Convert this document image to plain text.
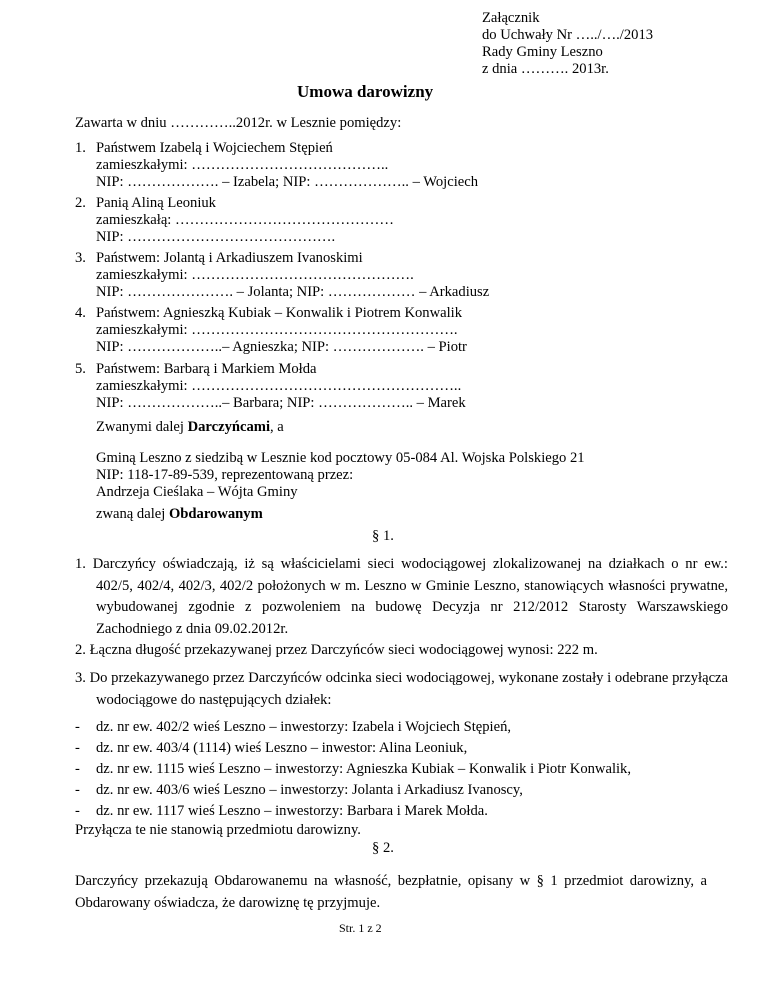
Załącznik
do Uchwały Nr …../…./2013
Rady Gminy Leszno
z dnia ………. 2013r.
Umowa darowizny
Zawarta w dniu …………..2012r. w Lesznie pomiędzy:
1. Państwem Izabelą i Wojciechem Stępień
zamieszkałymi: …………………………………..
NIP: ………………. – Izabela; NIP: ……………….. – Wojciech
2. Panią Aliną Leoniuk
zamieszkałą: ………………………………………
NIP: …………………………………….
3. Państwem: Jolantą i Arkadiuszem Ivanoskimi
zamieszkałymi: ……………………………………….
NIP: …………………. – Jolanta; NIP: ……………… – Arkadiusz
4. Państwem: Agnieszką Kubiak – Konwalik i Piotrem Konwalik
zamieszkałymi: ……………………………………………….
NIP: ………………..– Agnieszka; NIP: ………………. – Piotr
5. Państwem: Barbarą i Markiem Mołda
zamieszkałymi: ………………………………………………..
NIP: ………………..– Barbara; NIP: ……………….. – Marek
Zwanymi dalej Darczyńcami, a
Gminą Leszno z siedzibą w Lesznie kod pocztowy 05-084 Al. Wojska Polskiego 21
NIP: 118-17-89-539, reprezentowaną przez:
Andrzeja Cieślaka – Wójta Gminy
zwaną dalej Obdarowanym
§ 1.
1. Darczyńcy oświadczają, iż są właścicielami sieci wodociągowej zlokalizowanej na działkach o nr ew.: 402/5, 402/4, 402/3, 402/2 położonych w m. Leszno w Gminie Leszno, stanowiących własności prywatne, wybudowanej zgodnie z pozwoleniem na budowę Decyzja nr 212/2012 Starosty Warszawskiego Zachodniego z dnia 09.02.2012r.
2. Łączna długość przekazywanej przez Darczyńców sieci wodociągowej wynosi: 222 m.
3. Do przekazywanego przez Darczyńców odcinka sieci wodociągowej, wykonane zostały i odebrane przyłącza wodociągowe do następujących działek:
- dz. nr ew. 402/2 wieś Leszno – inwestorzy: Izabela i Wojciech Stępień,
- dz. nr ew. 403/4 (1114) wieś Leszno – inwestor: Alina Leoniuk,
- dz. nr ew. 1115 wieś Leszno – inwestorzy: Agnieszka Kubiak – Konwalik i Piotr Konwalik,
- dz. nr ew. 403/6 wieś Leszno – inwestorzy: Jolanta i Arkadiusz Ivanoscy,
- dz. nr ew. 1117 wieś Leszno – inwestorzy: Barbara i Marek Mołda.
Przyłącza te nie stanowią przedmiotu darowizny.
§ 2.
Darczyńcy przekazują Obdarowanemu na własność, bezpłatnie, opisany w § 1 przedmiot darowizny, a Obdarowany oświadcza, że darowiznę tę przyjmuje.
Str. 1 z 2
